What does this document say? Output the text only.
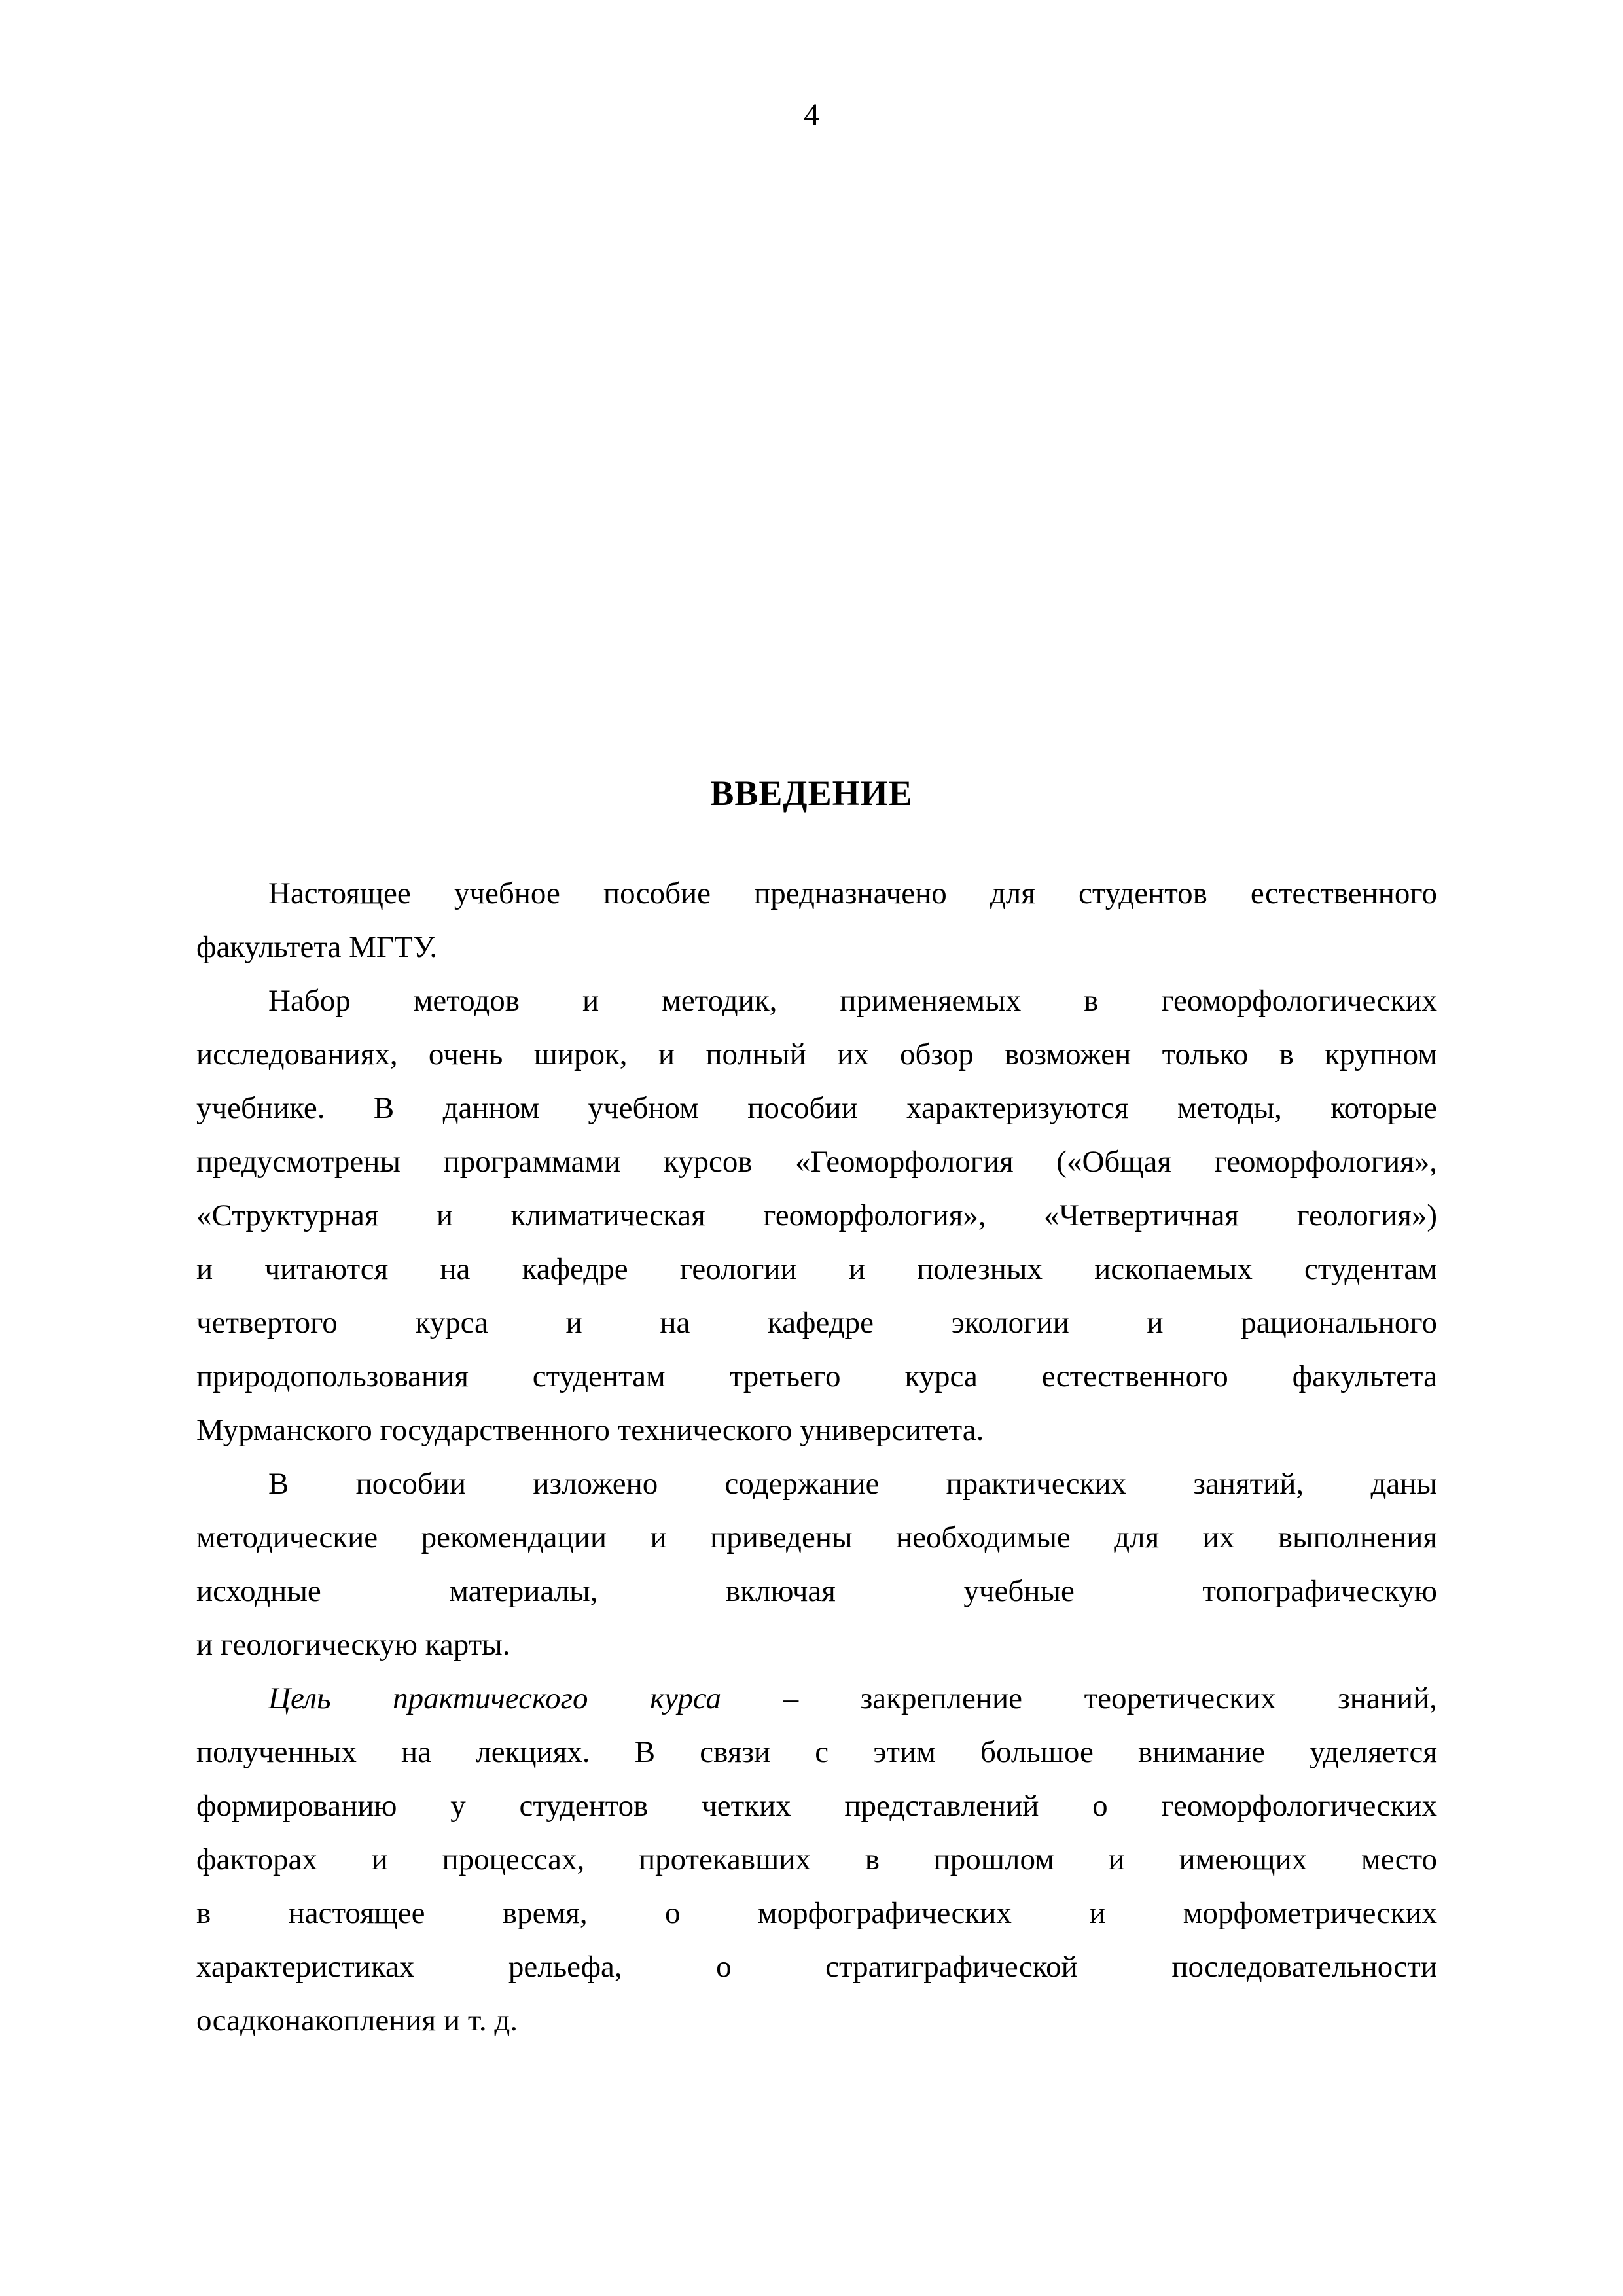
4
ВВЕДЕНИЕ
Настоящее учебное пособие предназначено для студентов естественного
факультета МГТУ.
Набор методов и методик, применяемых в геоморфологических
исследованиях, очень широк, и полный их обзор возможен только в крупном
учебнике. В данном учебном пособии характеризуются методы, которые
предусмотрены программами курсов «Геоморфология («Общая геоморфология»,
«Структурная и климатическая геоморфология», «Четвертичная геология»)
и читаются на кафедре геологии и полезных ископаемых студентам
четвертого курса и на кафедре экологии и рационального
природопользования студентам третьего курса естественного факультета
Мурманского государственного технического университета.
В пособии изложено содержание практических занятий, даны
методические рекомендации и приведены необходимые для их выполнения
исходные материалы, включая учебные топографическую
и геологическую карты.
Цель практического курса – закрепление теоретических знаний,
полученных на лекциях. В связи с этим большое внимание уделяется
формированию у студентов четких представлений о геоморфологических
факторах и процессах, протекавших в прошлом и имеющих место
в настоящее время, о морфографических и морфометрических
характеристиках рельефа, о стратиграфической последовательности
осадконакопления и т. д.
